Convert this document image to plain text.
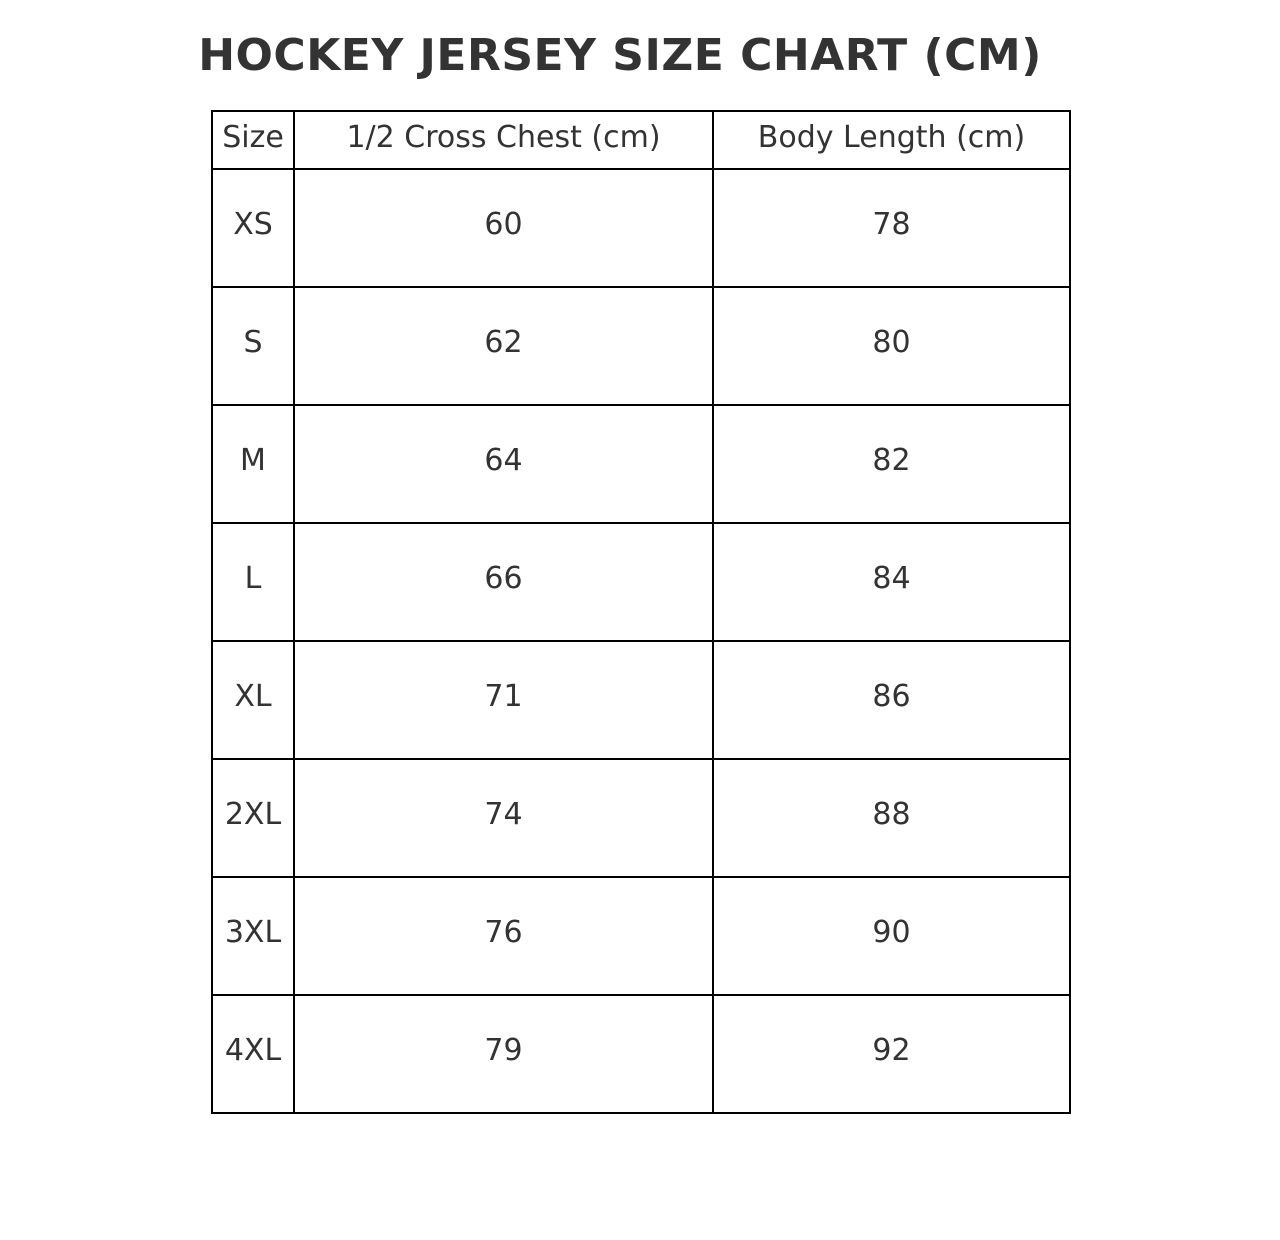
HOCKEY JERSEY SIZE CHART (CM)
Size	1/2 Cross Chest (cm)	Body Length (cm)
XS	60	78
S	62	80
M	64	82
L	66	84
XL	71	86
2XL	74	88
3XL	76	90
4XL	79	92
